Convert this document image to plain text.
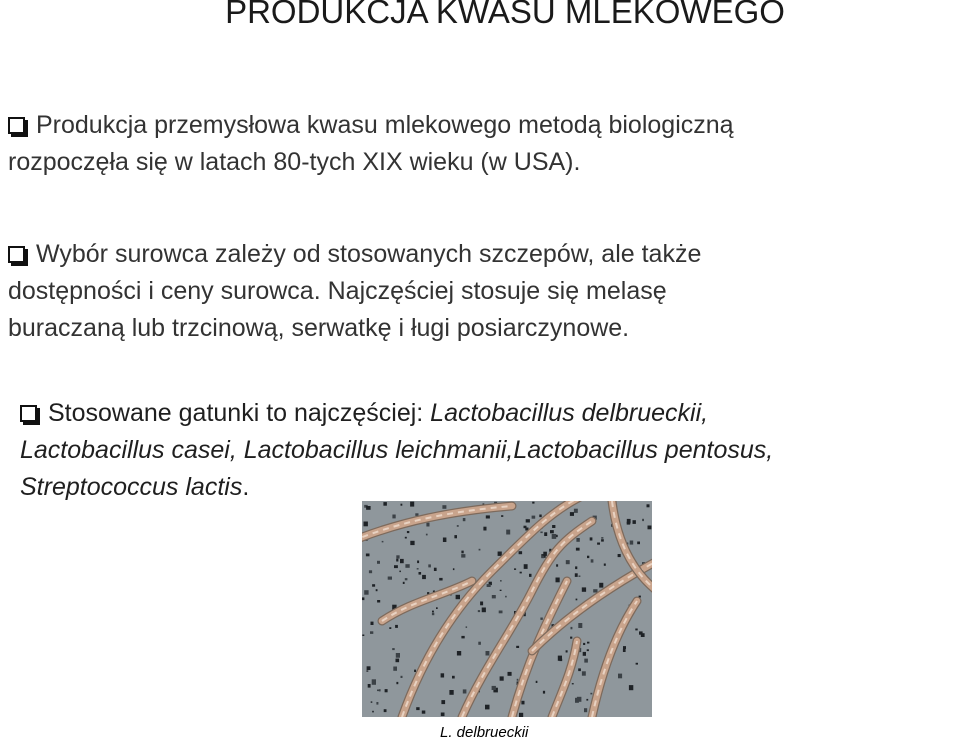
PRODUKCJA KWASU MLEKOWEGO
Produkcja przemysłowa kwasu mlekowego metodą biologiczną
rozpoczęła się w latach 80-tych XIX wieku (w USA).
Wybór surowca zależy od stosowanych szczepów, ale także
dostępności i ceny surowca. Najczęściej stosuje się melasę
buraczaną lub trzcinową, serwatkę i ługi posiarczynowe.
Stosowane gatunki to najczęściej: Lactobacillus delbrueckii,
Lactobacillus casei, Lactobacillus leichmanii,Lactobacillus pentosus,
Streptococcus lactis.
L. delbrueckii
